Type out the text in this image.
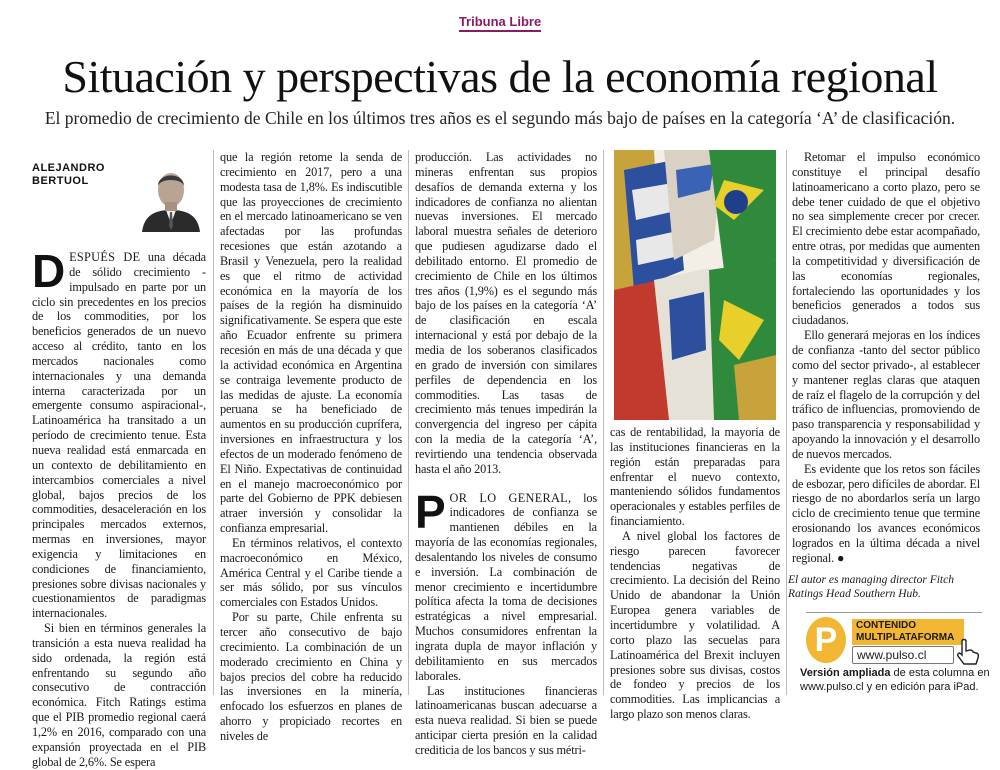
Tribuna Libre
Situación y perspectivas de la economía regional
El promedio de crecimiento de Chile en los últimos tres años es el segundo más bajo de países en la categoría ‘A’ de clasificación.
ALEJANDRO
BERTUOL

DESPUÉS DE una década de sólido crecimiento -impulsado en parte por un ciclo sin precedentes en los precios de los commodities, por los beneficios generados de un nuevo acceso al crédito, tanto en los mercados nacionales como internacionales y una demanda interna caracterizada por un emergente consumo aspiracional-, Latinoamérica ha transitado a un período de crecimiento tenue. Esta nueva realidad está enmarcada en un contexto de debilitamiento en intercambios comerciales a nivel global, bajos precios de los commodities, desaceleración en los principales mercados externos, mermas en inversiones, mayor exigencia y limitaciones en condiciones de financiamiento, presiones sobre divisas nacionales y cuestionamientos de paradigmas internacionales.

Si bien en términos generales la transición a esta nueva realidad ha sido ordenada, la región está enfrentando su segundo año consecutivo de contracción económica. Fitch Ratings estima que el PIB promedio regional caerá 1,2% en 2016, comparado con una expansión proyectada en el PIB global de 2,6%. Se espera

que la región retome la senda de crecimiento en 2017, pero a una modesta tasa de 1,8%. Es indiscutible que las proyecciones de crecimiento en el mercado latinoamericano se ven afectadas por las profundas recesiones que están azotando a Brasil y Venezuela, pero la realidad es que el ritmo de actividad económica en la mayoría de los países de la región ha disminuido significativamente. Se espera que este año Ecuador enfrente su primera recesión en más de una década y que la actividad económica en Argentina se contraiga levemente producto de las medidas de ajuste. La economía peruana se ha beneficiado de aumentos en su producción cuprífera, inversiones en infraestructura y los efectos de un moderado fenómeno de El Niño. Expectativas de continuidad en el manejo macroeconómico por parte del Gobierno de PPK debiesen atraer inversión y consolidar la confianza empresarial.

En términos relativos, el contexto macroeconómico en México, América Central y el Caribe tiende a ser más sólido, por sus vínculos comerciales con Estados Unidos.

Por su parte, Chile enfrenta su tercer año consecutivo de bajo crecimiento. La combinación de un moderado crecimiento en China y bajos precios del cobre ha reducido las inversiones en la minería, enfocado los esfuerzos en planes de ahorro y propiciado recortes en niveles de

producción. Las actividades no mineras enfrentan sus propios desafíos de demanda externa y los indicadores de confianza no alientan nuevas inversiones. El mercado laboral muestra señales de deterioro que pudiesen agudizarse dado el debilitado entorno. El promedio de crecimiento de Chile en los últimos tres años (1,9%) es el segundo más bajo de los países en la categoría ‘A’ de clasificación en escala internacional y está por debajo de la media de los soberanos clasificados en grado de inversión con similares perfiles de dependencia en los commodities. Las tasas de crecimiento más tenues impedirán la convergencia del ingreso per cápita con la media de la categoría ‘A’, revirtiendo una tendencia observada hasta el año 2013.

POR LO GENERAL, los indicadores de confianza se mantienen débiles en la mayoría de las economías regionales, desalentando los niveles de consumo e inversión. La combinación de menor crecimiento e incertidumbre política afecta la toma de decisiones estratégicas a nivel empresarial. Muchos consumidores enfrentan la ingrata dupla de mayor inflación y debilitamiento en sus mercados laborales.

Las instituciones financieras latinoamericanas buscan adecuarse a esta nueva realidad. Si bien se puede anticipar cierta presión en la calidad crediticia de los bancos y sus métri-

cas de rentabilidad, la mayoría de las instituciones financieras en la región están preparadas para enfrentar el nuevo contexto, manteniendo sólidos fundamentos operacionales y estables perfiles de financiamiento.

A nivel global los factores de riesgo parecen favorecer tendencias negativas de crecimiento. La decisión del Reino Unido de abandonar la Unión Europea genera variables de incertidumbre y volatilidad. A corto plazo las secuelas para Latinoamérica del Brexit incluyen presiones sobre sus divisas, costos de fondeo y precios de los commodities. Las implicancias a largo plazo son menos claras.

Retomar el impulso económico constituye el principal desafío latinoamericano a corto plazo, pero se debe tener cuidado de que el objetivo no sea simplemente crecer por crecer. El crecimiento debe estar acompañado, entre otras, por medidas que aumenten la competitividad y diversificación de las economías regionales, fortaleciendo las oportunidades y los beneficios generados a todos sus ciudadanos.

Ello generará mejoras en los índices de confianza -tanto del sector público como del sector privado-, al establecer y mantener reglas claras que ataquen de raíz el flagelo de la corrupción y del tráfico de influencias, promoviendo de paso transparencia y responsabilidad y apoyando la innovación y el desarrollo de nuevos mercados.

Es evidente que los retos son fáciles de esbozar, pero difíciles de abordar. El riesgo de no abordarlos sería un largo ciclo de crecimiento tenue que termine erosionando los avances económicos logrados en la última década a nivel regional. ●

El autor es managing director Fitch Ratings Head Southern Hub.
P CONTENIDO
MULTIPLATAFORMA
www.pulso.cl
Versión ampliada de esta columna en www.pulso.cl y en edición para iPad.
